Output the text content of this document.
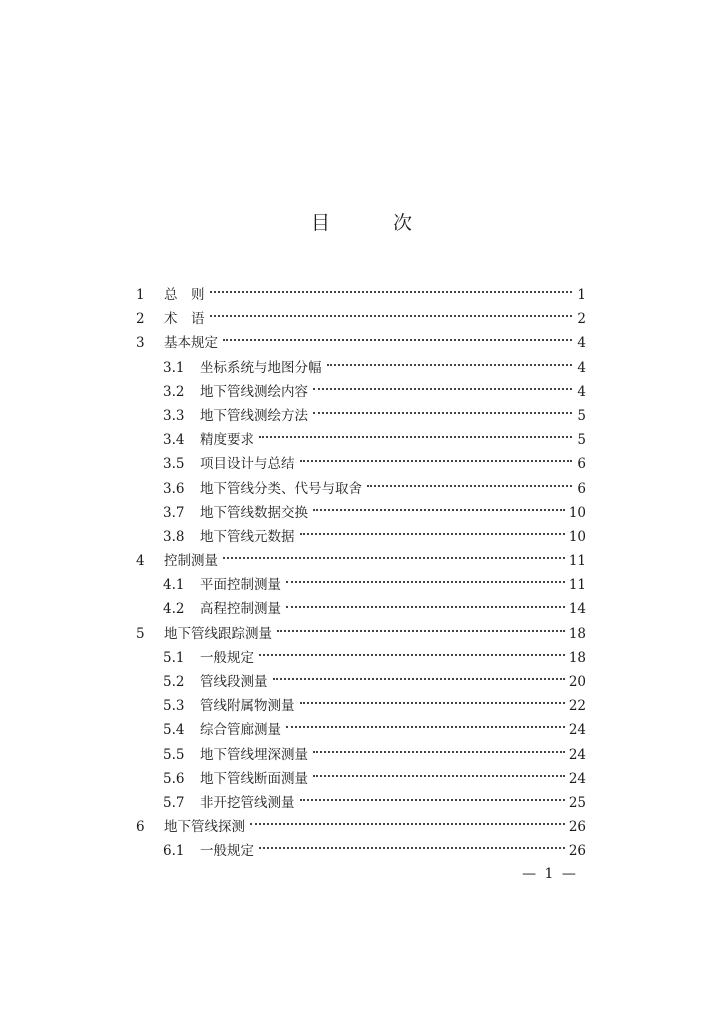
目　次
1	总　则	1
2	术　语	2
3	基本规定	4
3.1	坐标系统与地图分幅	4
3.2	地下管线测绘内容	4
3.3	地下管线测绘方法	5
3.4	精度要求	5
3.5	项目设计与总结	6
3.6	地下管线分类、代号与取舍	6
3.7	地下管线数据交换	10
3.8	地下管线元数据	10
4	控制测量	11
4.1	平面控制测量	11
4.2	高程控制测量	14
5	地下管线跟踪测量	18
5.1	一般规定	18
5.2	管线段测量	20
5.3	管线附属物测量	22
5.4	综合管廊测量	24
5.5	地下管线埋深测量	24
5.6	地下管线断面测量	24
5.7	非开挖管线测量	25
6	地下管线探测	26
6.1	一般规定	26
— 1 —
